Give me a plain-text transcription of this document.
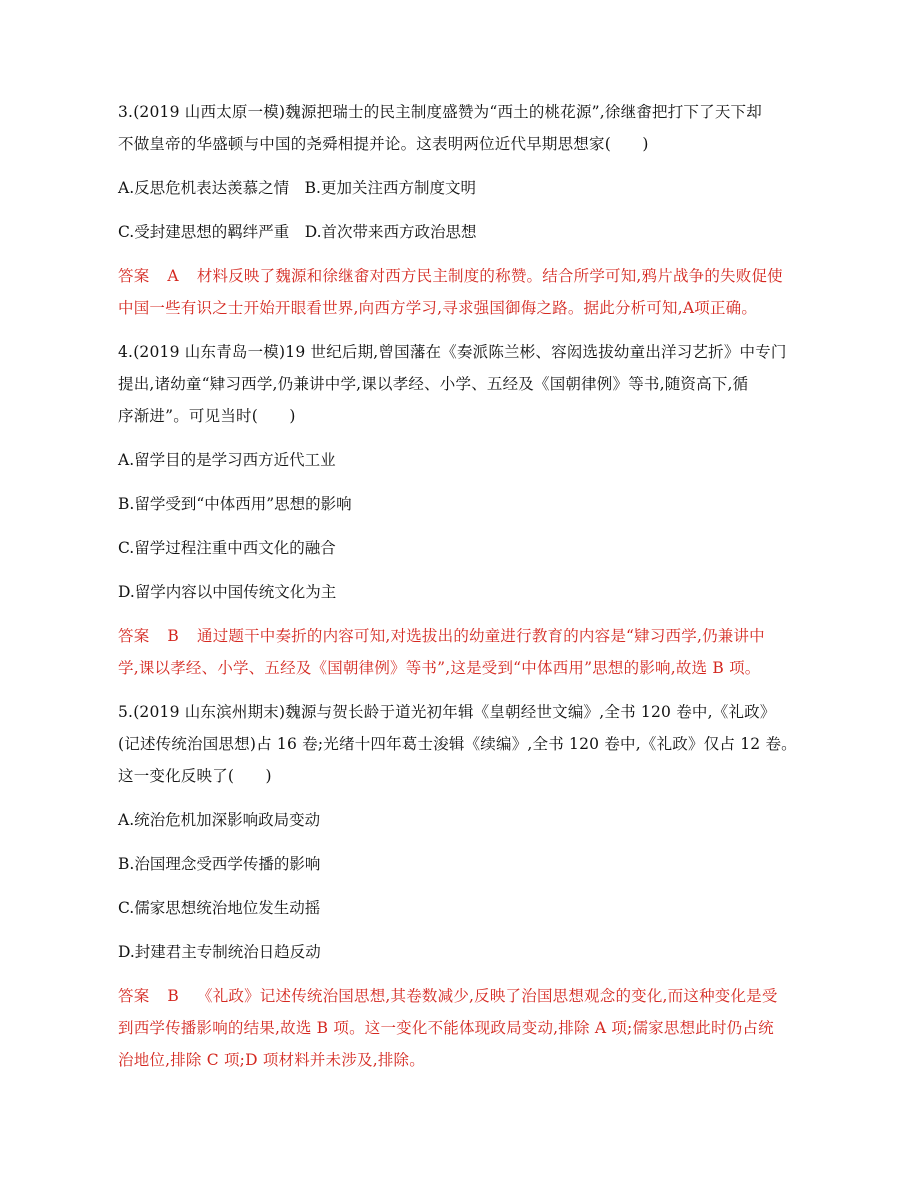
3.(2019 山西太原一模)魏源把瑞士的民主制度盛赞为“西土的桃花源”,徐继畬把打下了天下却
不做皇帝的华盛顿与中国的尧舜相提并论。这表明两位近代早期思想家(　　)
A.反思危机表达羡慕之情　B.更加关注西方制度文明
C.受封建思想的羁绊严重　D.首次带来西方政治思想
答案 A 材料反映了魏源和徐继畬对西方民主制度的称赞。结合所学可知,鸦片战争的失败促使
中国一些有识之士开始开眼看世界,向西方学习,寻求强国御侮之路。据此分析可知,A项正确。
4.(2019 山东青岛一模)19 世纪后期,曾国藩在《奏派陈兰彬、容闳选拔幼童出洋习艺折》中专门
提出,诸幼童“肄习西学,仍兼讲中学,课以孝经、小学、五经及《国朝律例》等书,随资高下,循
序渐进”。可见当时(　　)
A.留学目的是学习西方近代工业
B.留学受到“中体西用”思想的影响
C.留学过程注重中西文化的融合
D.留学内容以中国传统文化为主
答案 B 通过题干中奏折的内容可知,对选拔出的幼童进行教育的内容是“肄习西学,仍兼讲中
学,课以孝经、小学、五经及《国朝律例》等书”,这是受到“中体西用”思想的影响,故选 B 项。
5.(2019 山东滨州期末)魏源与贺长龄于道光初年辑《皇朝经世文编》,全书 120 卷中,《礼政》
(记述传统治国思想)占 16 卷;光绪十四年葛士浚辑《续编》,全书 120 卷中,《礼政》仅占 12 卷。
这一变化反映了(　　)
A.统治危机加深影响政局变动
B.治国理念受西学传播的影响
C.儒家思想统治地位发生动摇
D.封建君主专制统治日趋反动
答案 B 《礼政》记述传统治国思想,其卷数减少,反映了治国思想观念的变化,而这种变化是受
到西学传播影响的结果,故选 B 项。这一变化不能体现政局变动,排除 A 项;儒家思想此时仍占统
治地位,排除 C 项;D 项材料并未涉及,排除。
